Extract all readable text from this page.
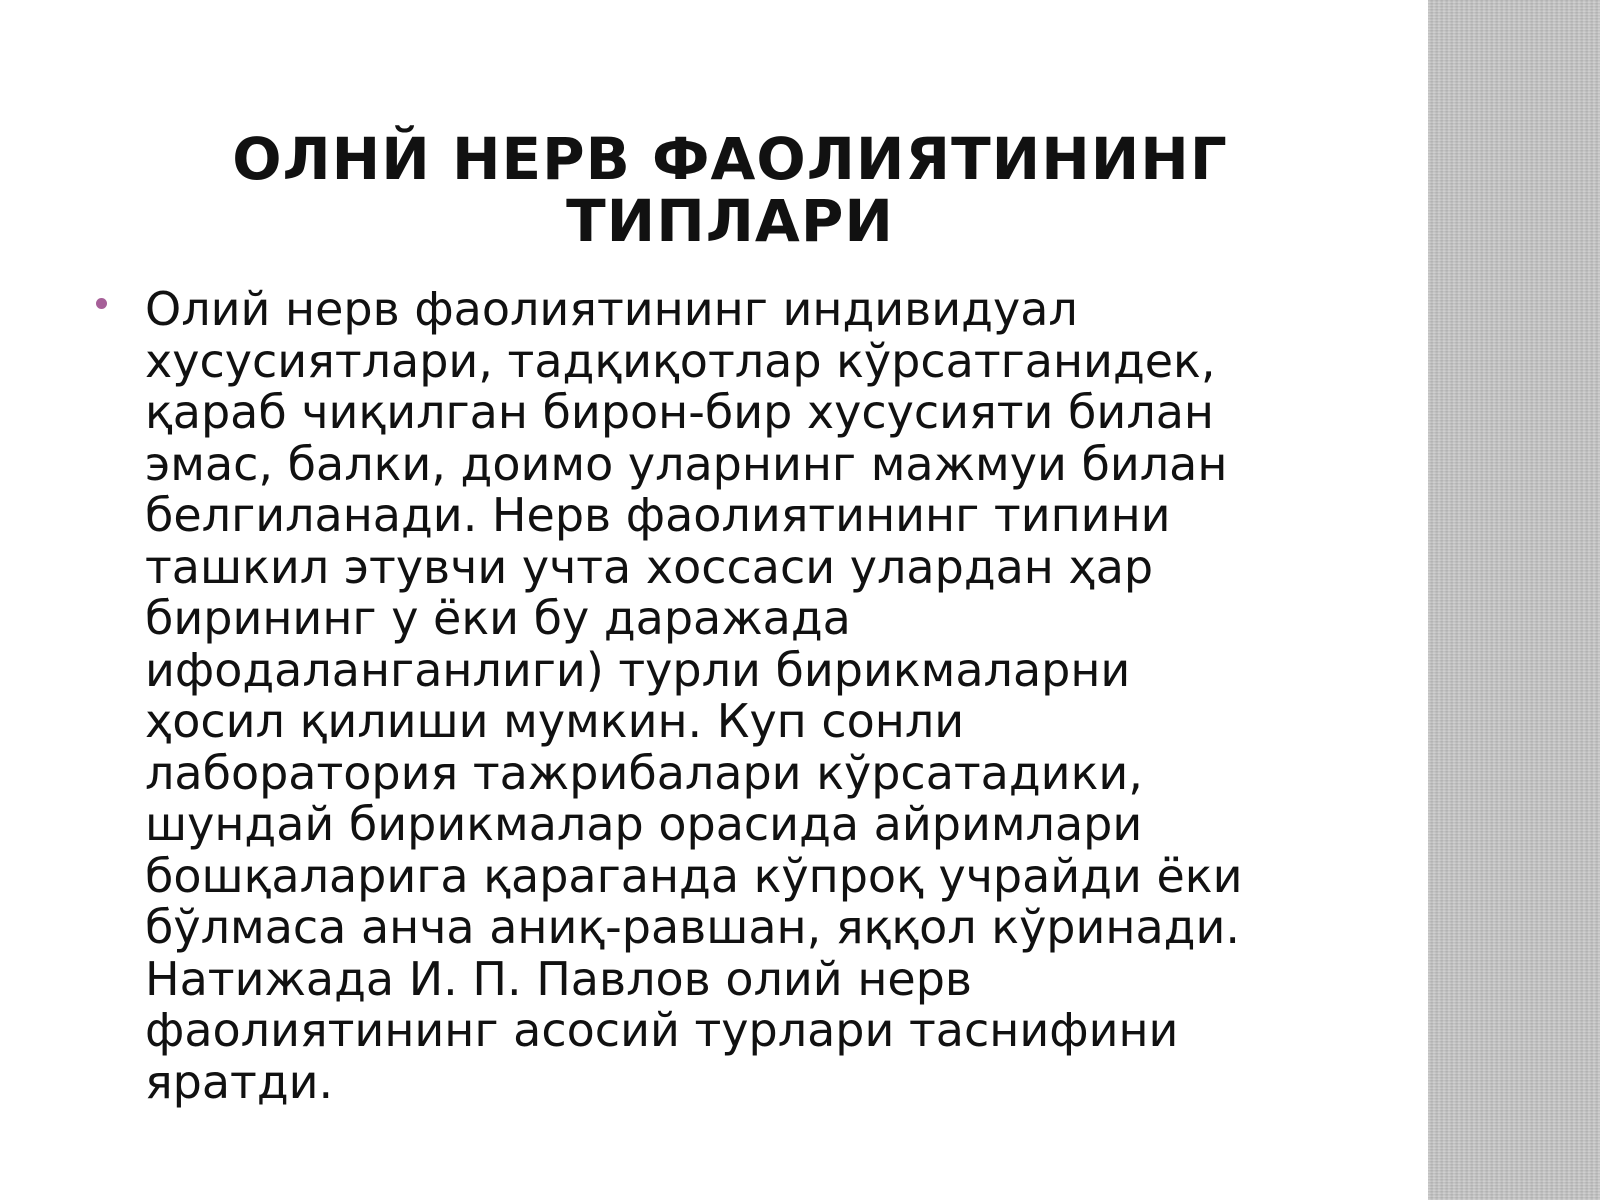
ОЛНЙ НЕРВ ФАОЛИЯТИНИНГ ТИПЛАРИ

Олий нерв фаолиятининг индивидуал
хусусиятлари, тадқиқотлар кўрсатганидек,
қараб чиқилган бирон-бир хусусияти билан
эмас, балки, доимо уларнинг мажмуи билан
белгиланади. Нерв фаолиятининг типини
ташкил этувчи учта хоссаси улардан ҳар
бирининг у ёки бу даражада
ифодаланганлиги) турли бирикмаларни
ҳосил қилиши мумкин. Куп сонли
лаборатория тажрибалари кўрсатадики,
шундай бирикмалар орасида айримлари
бошқаларига қараганда кўпроқ учрайди ёки
бўлмаса анча аниқ-равшан, яққол кўринади.
Натижада И. П. Павлов олий нерв
фаолиятининг асосий турлари таснифини
яратди.
